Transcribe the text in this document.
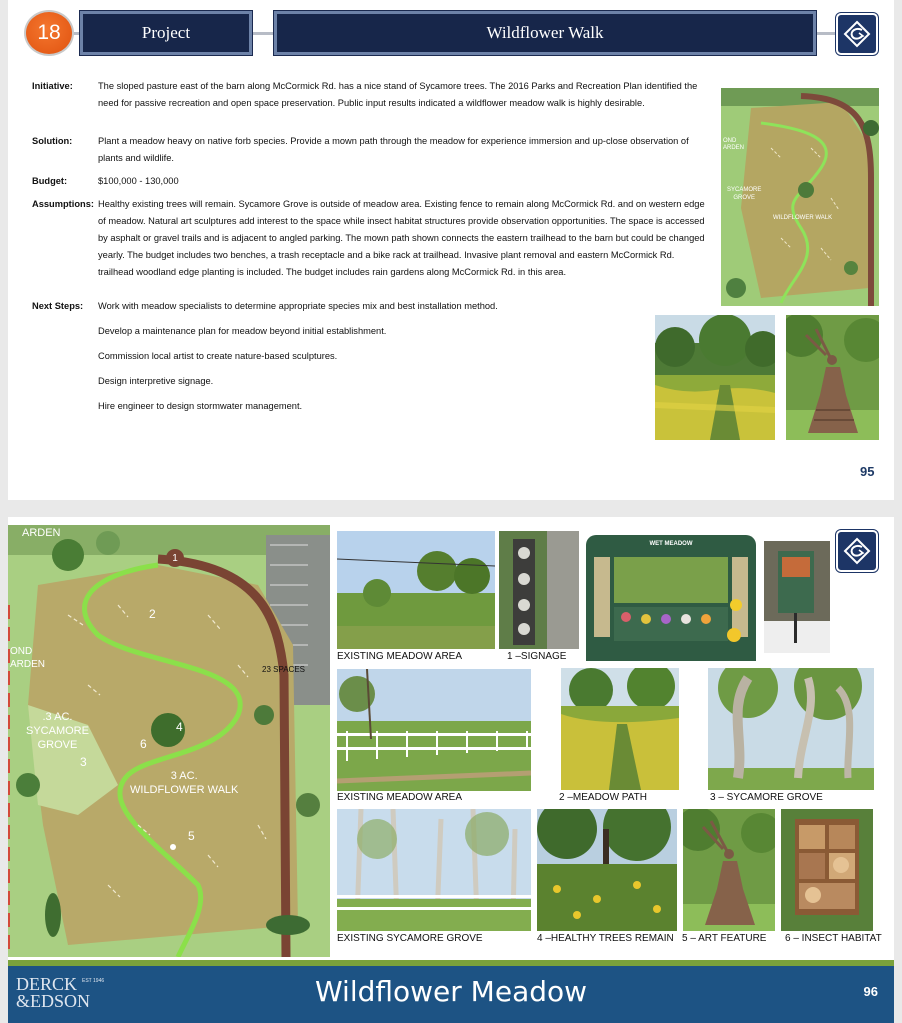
18	Project	Wildflower Walk
Initiative:	The sloped pasture east of the barn along McCormick Rd. has a nice stand of Sycamore trees. The 2016 Parks and Recreation Plan identified the need for passive recreation and open space preservation. Public input results indicated a wildflower meadow walk is highly desirable.
Solution:	Plant a meadow heavy on native forb species. Provide a mown path through the meadow for experience immersion and up-close observation of plants and wildlife.
Budget:	$100,000 - 130,000
Assumptions: Healthy existing trees will remain. Sycamore Grove is outside of meadow area. Existing fence to remain along McCormick Rd. and on western edge of meadow. Natural art sculptures add interest to the space while insect habitat structures provide observation opportunities. The space is accessed by asphalt or gravel trails and is adjacent to angled parking. The mown path shown connects the eastern trailhead to the barn but could be changed yearly. The budget includes two benches, a trash receptacle and a bike rack at trailhead. Invasive plant removal and eastern McCormick Rd. trailhead woodland edge planting is included. The budget includes rain gardens along McCormick Rd. in this area.
Next Steps: Work with meadow specialists to determine appropriate species mix and best installation method.
Develop a maintenance plan for meadow beyond initial establishment.
Commission local artist to create nature-based sculptures.
Design interpretive signage.
Hire engineer to design stormwater management.
OND
ARDEN
SYCAMORE
GROVE
WILDFLOWER WALK
95
ARDEN
OND
ARDEN	23 SPACES
.3 AC.
SYCAMORE
GROVE
3 AC.
WILDFLOWER WALK
1
2
3
4
5
6
EXISTING MEADOW AREA	1 –SIGNAGE
WET MEADOW
EXISTING MEADOW AREA	2 –MEADOW PATH	3 – SYCAMORE GROVE
EXISTING SYCAMORE GROVE	4 –HEALTHY TREES REMAIN 5 – ART FEATURE 6 – INSECT HABITAT
DERCK
&EDSON
EST 1946	Wildflower Meadow	96
